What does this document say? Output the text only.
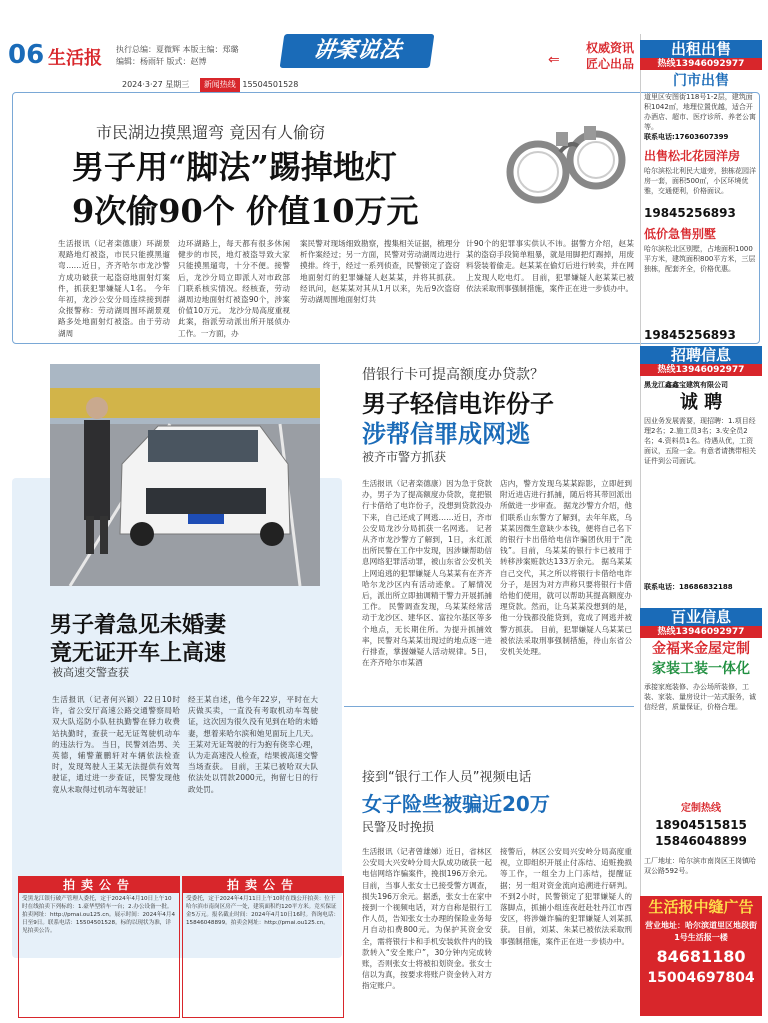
06 生活报 执行总编：夏微辉 本版主编：郑璐
编辑：杨雨轩 版式：赵博	讲案说法	⇐
权威资讯
匠心出品
2024·3·27 星期三 新闻热线 15504501528
市民湖边摸黑遛弯 竟因有人偷窃
男子用“脚法”踢掉地灯
9次偷90个 价值10万元
生活报讯（记者栾德康）环湖景观路地灯被盗，市民只能摸黑遛弯……近日，齐齐哈尔市龙沙警方成功破获一起盗窃地面射灯案件，抓获犯罪嫌疑人1名。 今年年初，龙沙公安分局连续接到群众报警称：劳动湖周围环湖景观路多处地面射灯被盗。由于劳动湖周
边环湖路上，每天都有很多休闲健步的市民，地灯被盗导致大家只能摸黑遛弯，十分不便。接警后，龙沙分局立即派人对市政部门联系核实情况。经核查，劳动湖周边地面射灯被盗90个，涉案价值10万元。 龙沙分局高度重视此案，指派劳动派出所开展侦办工作。一方面，办
案民警对现场细致勘察，搜集相关证据，梳理分析作案经过；另一方面，民警对劳动湖周边进行摸排。终于，经过一系列侦查，民警锁定了盗窃地面射灯的犯罪嫌疑人赵某某，并将其抓获。 经讯问，赵某某对其从1月以来，先后9次盗窃劳动湖周围地面射灯共
计90个的犯罪事实供认不讳。据警方介绍，赵某某的盗窃手段简单粗暴，就是用脚把灯踢掉，用废料袋装着偷走。赵某某在偷灯后进行转卖，并在网上发现人吃电灯。 目前，犯罪嫌疑人赵某某已被依法采取刑事强制措施，案件正在进一步侦办中。
男子着急见未婚妻
竟无证开车上高速
被高速交警查获
生活报讯（记者何兴颖）22日10时许，省公安厅高速公路交通警察局哈双大队巡防小队驻执勤警在驿力收费站执勤时，查获一起无证驾驶机动车的违法行为。 当日，民警刘浩男、关英德，辅警董鹏轩对车辆依法检查时，发现驾驶人王某无法提供有效驾驶证，通过进一步查证，民警发现他竟从未取得过机动车驾驶证！
经王某自述，他今年22岁，平时在大庆做买卖，一直没有考取机动车驾驶证，这次因为很久没有见到在哈的未婚妻，想着来哈尔滨和她见面玩上几天。王某对无证驾驶的行为抱有侥幸心理，认为走高速没人检查，结果被高速交警当场查获。 目前，王某已被哈双大队依法处以罚款2000元，拘留七日的行政处罚。
借银行卡可提高额度办贷款？
男子轻信电诈份子
涉帮信罪成网逃
被齐市警方抓获
生活报讯（记者栾德康）因为急于贷款办，男子为了提高额度办贷款，竟把银行卡借给了电诈份子，没想到贷款没办下来，自己还成了网逃……近日，齐市公安局龙沙分局抓获一名网逃。 记者从齐市龙沙警方了解到，1日，永红派出所民警在工作中发现，因涉嫌帮助信息网络犯罪活动罪，被山东省公安机关上网追逃的犯罪嫌疑人乌某某有在齐齐哈尔龙沙区内有活动迹象。了解情况后，派出所立即抽调精干警力开展抓捕工作。 民警调查发现，乌某某经常活动于龙沙区、建华区、富拉尔基区等多个地点，无长期住所。为提升抓捕效率，民警对乌某某出现过的地点逐一进行排查，掌握嫌疑人活动规律。5日，在齐齐哈尔市某酒
店内，警方发现乌某某踪影，立即赶到附近进店进行抓捕，随后将其带回派出所做进一步审查。 据龙沙警方介绍，他们联系山东警方了解到，去年年底，乌某某因微生意缺少本钱，便将自己名下的银行卡出借给电信诈骗团伙用于“洗钱”。目前，乌某某的银行卡已被用于转移涉案赃款达133万余元。 据乌某某自己交代，其之所以将银行卡借给电诈分子，是因为对方声称只要将银行卡借给他们使用，就可以帮助其提高额度办理贷款。然而，让乌某某没想到的是，他一分钱都没能贷到，竟成了网逃并被警方抓获。 目前，犯罪嫌疑人乌某某已被依法采取刑事强制措施，待山东省公安机关处理。
接到“银行工作人员”视频电话
女子险些被骗近20万
民警及时挽损
生活报讯（记者曾雄娣）近日，省林区公安局大兴安岭分局大队成功破获一起电信网络诈骗案件，挽损196万余元。 目前，当事人张女士已接受警方调查，损失196万余元。据悉，张女士在家中接到一个视频电话，对方自称是银行工作人员，告知张女士办理的保险业务每月自动扣费800元。为保护其资金安全，需将银行卡和手机安装软件内的钱款转入“安全账户”，30分钟内完成转账，否则张女士将被扣划资金。张女士信以为真，按要求将账户资金转入对方指定账户。
接警后，林区公安局兴安岭分局高度重视，立即组织开展止付冻结、追赃挽损等工作，一组全力上门冻结，提醒证据；另一组对资金流向追溯进行研判。不到2小时，民警锁定了犯罪嫌疑人的落脚点，抓捕小组连夜赶赴牡丹江市西安区，将涉嫌诈骗的犯罪嫌疑人刘某抓获。 目前，刘某、朱某已被依法采取刑事强制措施，案件正在进一步侦办中。
拍卖公告
受黑龙江银行破产管理人委托，定于2024年4月10日上午10时在线拍卖下列标的：1.豪华型轿车一台；2.办公设备一批。拍卖网址：http://pmai.ou125.cn。展示时间：2024年4月4日至9日。联系电话：15504501528。标的以现状为准，详见拍卖公告。
拍卖公告
受委托，定于2024年4月11日上午10时在线公开拍卖：位于哈尔滨市南岗区房产一处，建筑面积约120平方米。竞买保证金5万元。报名截止时间：2024年4月10日16时。咨询电话：15846048899。拍卖会网址：http://pmai.ou125.cn。
出租出售
热线13946092977
门市出售
道里区安图街118号1-2层，建筑面积1042㎡，地理位置优越，适合开办酒店、超市、医疗诊所、养老公寓等。
联系电话:17603607399
出售松北花园洋房
哈尔滨松北利民大道旁，独栋花园洋房一套，面积500㎡，小区环境优雅，交通便利，价格面议。
19845256893
低价急售别墅
哈尔滨松北区别墅，占地面积1000平方米，建筑面积800平方米，三层独栋，配套齐全，价格优惠。
19845256893
招聘信息
热线13946092977
黑龙江鑫鑫宝建筑有限公司
诚 聘
因业务发展需要，现招聘：1.项目经理2名；2.施工员3名；3.安全员2名；4.资料员1名。待遇从优，工资面议，五险一金。有意者请携带相关证件到公司面试。
联系电话：18686832188
百业信息
热线13946092977
金福来金屋定制
家装工装一体化
承接家庭装修、办公场所装修，工装、家装、量房设计一站式服务，诚信经营，质量保证，价格合理。
定制热线
18904515815
15846048899
工厂地址：哈尔滨市南岗区王岗镇哈双公路592号。
生活报中缝广告
营业地址：哈尔滨道里区地段街1号生活报一楼
84681180
15004697804
